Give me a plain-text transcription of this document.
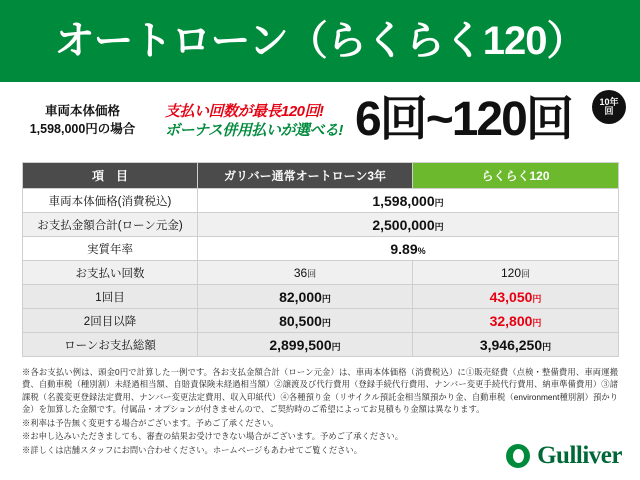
オートローン（らくらく120）
車両本体価格
1,598,000円の場合
支払い回数が最長120回!
ボーナス併用払いが選べる! 6回~120回	10年
回
項　目	ガリバー通常オートローン3年	らくらく120
車両本体価格(消費税込)	1,598,000円	
お支払金額合計(ローン元金)	2,500,000円	
実質年率	9.89%	
お支払い回数	36回	120回
1回目	82,000円	43,050円
2回目以降	80,500円	32,800円
ローンお支払総額	2,899,500円	3,946,250円

※各お支払い例は、頭金0円で計算した一例です。各お支払金額合計（ローン元金）は、車両本体価格（消費税込）に①販売経費（点検・整備費用、車両運搬費、自動車税（種別割）未経過相当額、自賠責保険未経過相当額）②譲渡及び代行費用（登録手続代行費用、ナンバー変更手続代行費用、納車準備費用）③諸課税（名義変更登録法定費用、ナンバー変更法定費用、収入印紙代）④各種預り金（リサイクル預託金相当額預かり金、自動車税（environment種別割）預かり金）を加算した金額です。付属品・オプションが付きませんので、ご契約時のご希望によってお見積もり金額は異なります。

※利率は予告無く変更する場合がございます。予めご了承ください。

※お申し込みいただきましても、審査の結果お受けできない場合がございます。予めご了承ください。

※詳しくは店舗スタッフにお問い合わせください。ホームページもあわせてご覧ください。	Gulliver
